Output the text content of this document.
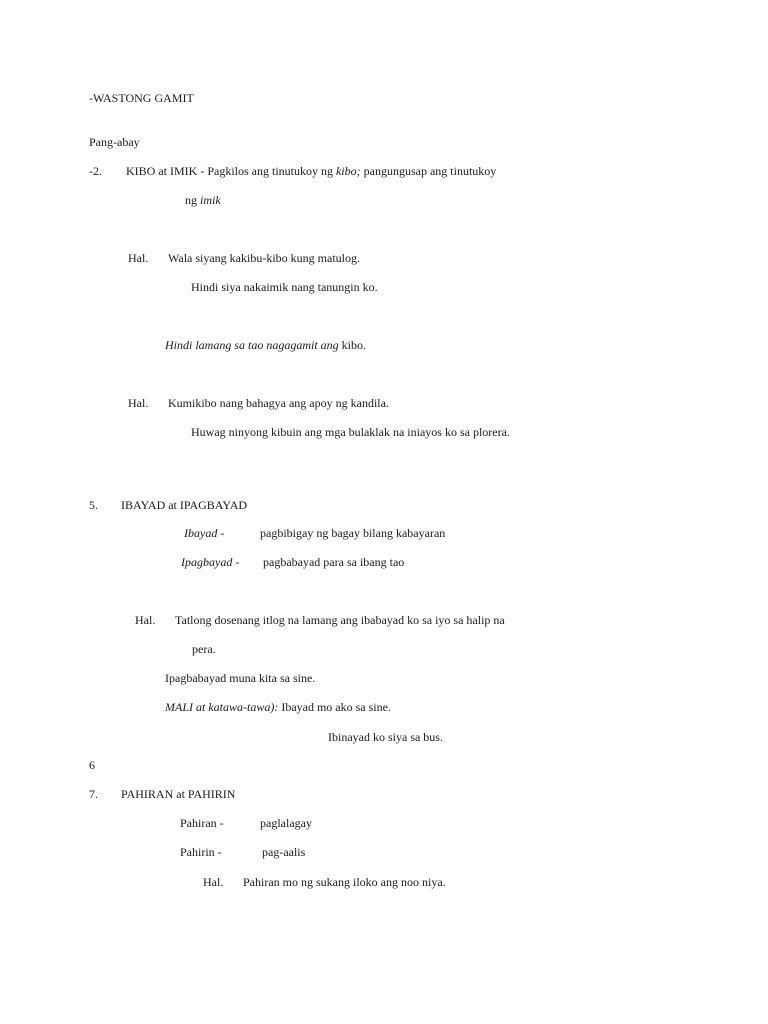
-WASTONG GAMIT
Pang-abay
-2. KIBO at IMIK - Pagkilos ang tinutukoy ng kibo; pangungusap ang tinutukoy
ng imik
Hal. Wala siyang kakibu-kibo kung matulog.
Hindi siya nakaimik nang tanungin ko.
Hindi lamang sa tao nagagamit ang kibo.
Hal. Kumikibo nang bahagya ang apoy ng kandila.
Huwag ninyong kibuin ang mga bulaklak na iniayos ko sa plorera.
5. IBAYAD at IPAGBAYAD
Ibayad -	pagbibigay ng bagay bilang kabayaran
Ipagbayad - pagbabayad para sa ibang tao
Hal. Tatlong dosenang itlog na lamang ang ibabayad ko sa iyo sa halip na
pera.
Ipagbabayad muna kita sa sine.
MALI at katawa-tawa): Ibayad mo ako sa sine.
Ibinayad ko siya sa bus.
6
7. PAHIRAN at PAHIRIN
Pahiran -	paglalagay
Pahirin -	pag-aalis
Hal. Pahiran mo ng sukang iloko ang noo niya.
